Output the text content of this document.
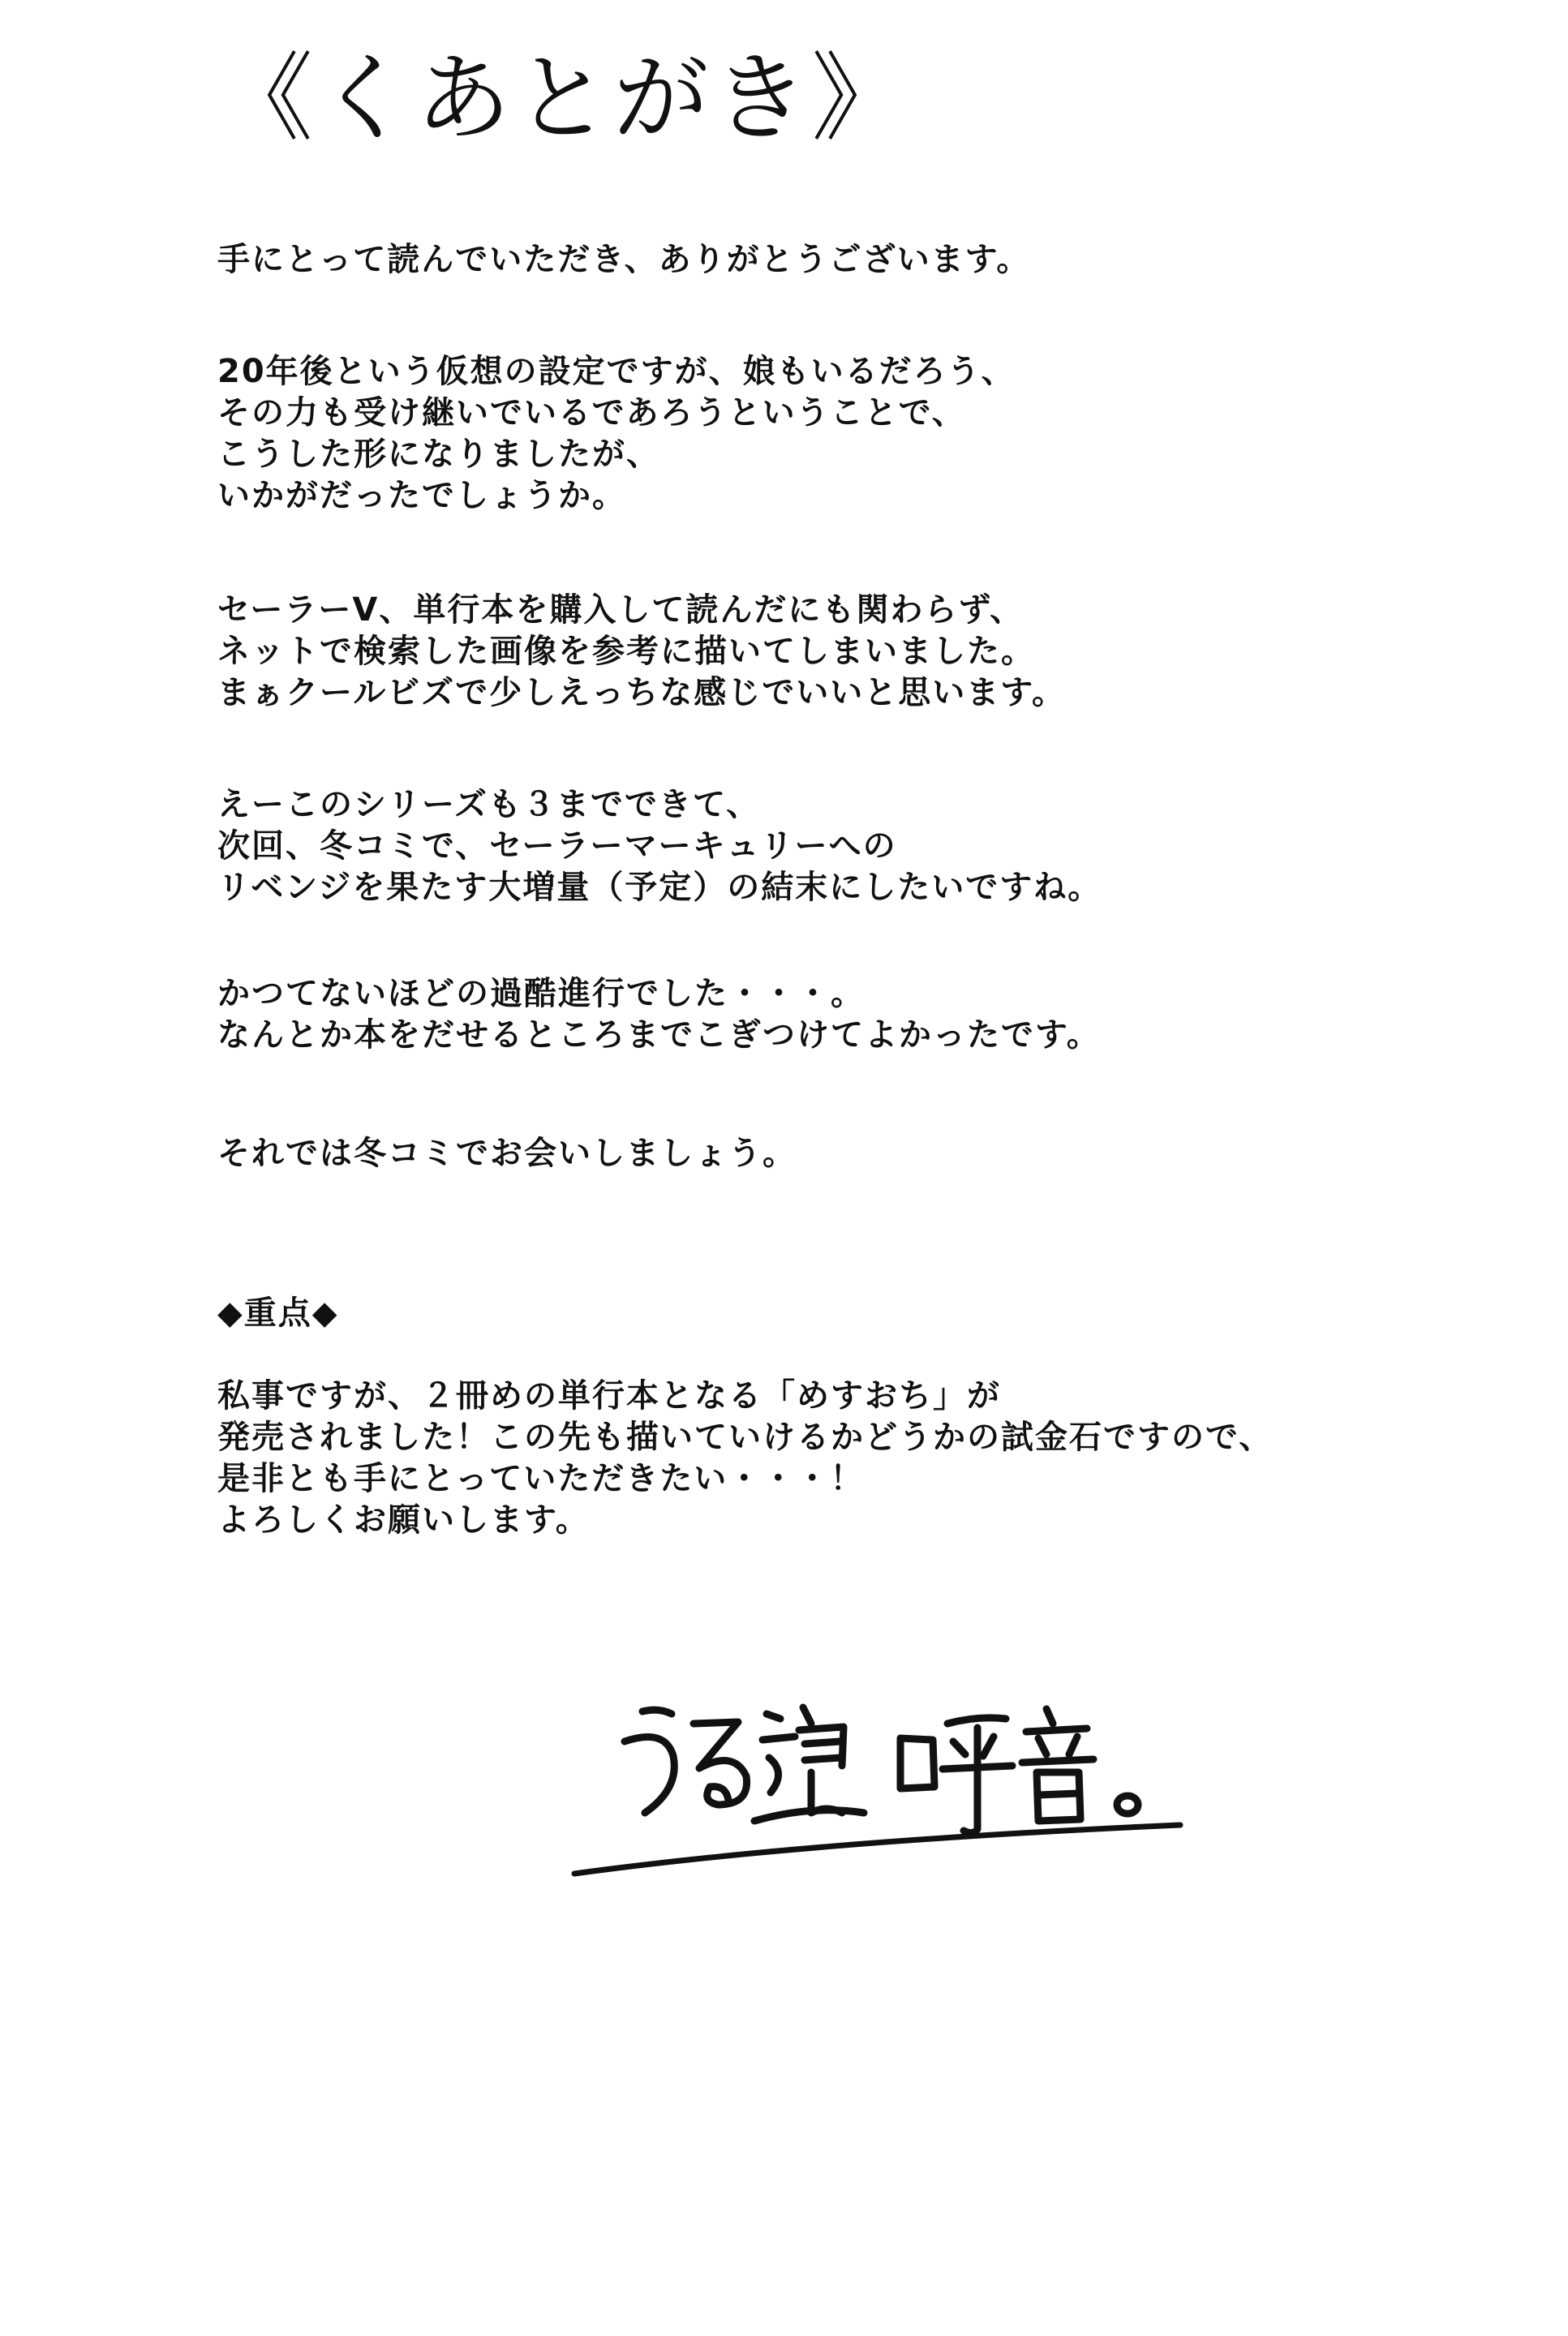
《くあとがき》
手にとって読んでいただき、ありがとうございます。
20年後という仮想の設定ですが、娘もいるだろう、
その力も受け継いでいるであろうということで、
こうした形になりましたが、
いかがだったでしょうか。
セーラーV、単行本を購入して読んだにも関わらず、
ネットで検索した画像を参考に描いてしまいました。
まぁクールビズで少しえっちな感じでいいと思います。
えーこのシリーズも３までできて、
次回、冬コミで、セーラーマーキュリーへの
リベンジを果たす大増量（予定）の結末にしたいですね。
かつてないほどの過酷進行でした・・・。
なんとか本をだせるところまでこぎつけてよかったです。
それでは冬コミでお会いしましょう。
◆重点◆
私事ですが、２冊めの単行本となる「めすおち」が
発売されました！この先も描いていけるかどうかの試金石ですので、
是非とも手にとっていただきたい・・・！
よろしくお願いします。
